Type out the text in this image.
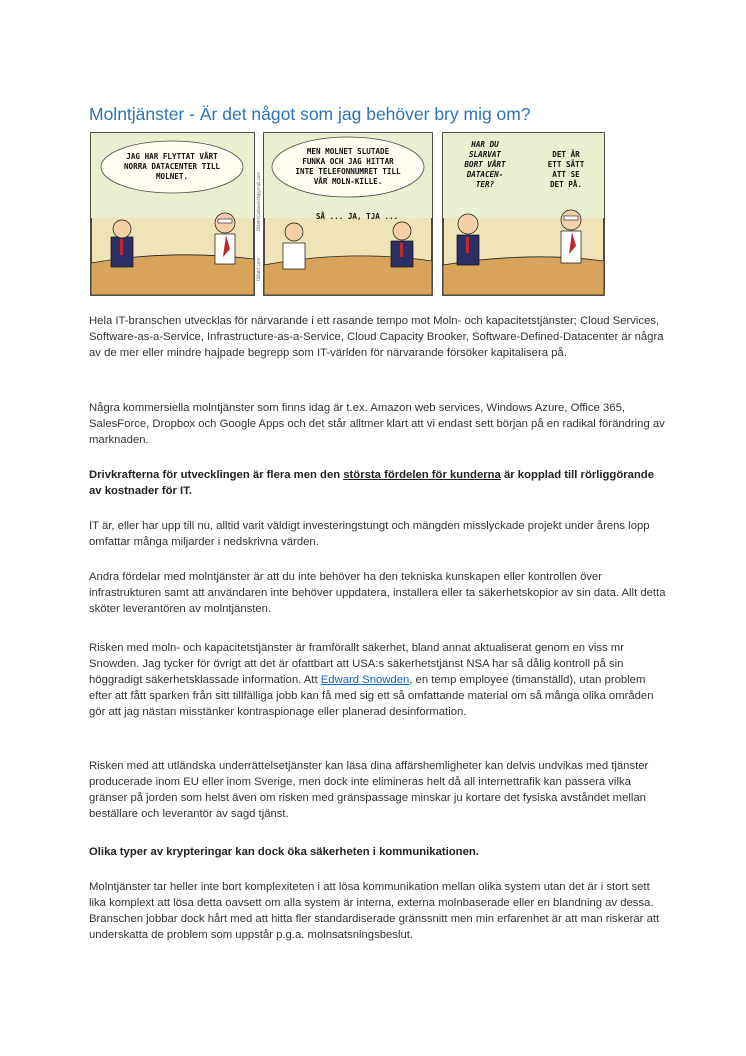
Molntjänster - Är det något som jag behöver bry mig om?
JAG HAR FLYTTAT VÅRT
NORRA DATACENTER TILL
MOLNET.
MEN MOLNET SLUTADE
FUNKA OCH JAG HITTAR
INTE TELEFONNUMRET TILL
VÅR MOLN-KILLE.
SÅ ... JA, TJA ...
HAR DU
SLARVAT
BORT VÅRT
DATACEN-
TER?
DET ÄR
ETT SÄTT
ATT SE
DET PÅ.
Dilbert.com
DilbertCartoonist@gmail.com

Hela IT-branschen utvecklas för närvarande i ett rasande tempo mot Moln- och kapacitetstjänster; Cloud Services, Software-as-a-Service, Infrastructure-as-a-Service, Cloud Capacity Brooker, Software-Defined-Datacenter är några av de mer eller mindre hajpade begrepp som IT-världen för närvarande försöker kapitalisera på.

Några kommersiella molntjänster som finns idag är t.ex. Amazon web services, Windows Azure, Office 365, SalesForce, Dropbox och Google Apps och det står alltmer klart att vi endast sett början på en radikal förändring av marknaden.

Drivkrafterna för utvecklingen är flera men den största fördelen för kunderna är kopplad till rörliggörande av kostnader för IT.

IT är, eller har upp till nu, alltid varit väldigt investeringstungt och mängden misslyckade projekt under årens lopp omfattar många miljarder i nedskrivna värden.

Andra fördelar med molntjänster är att du inte behöver ha den tekniska kunskapen eller kontrollen över infrastrukturen samt att användaren inte behöver uppdatera, installera eller ta säkerhetskopior av sin data. Allt detta sköter leverantören av molntjänsten.

Risken med moln- och kapacitetstjänster är framförallt säkerhet, bland annat aktualiserat genom en viss mr Snowden. Jag tycker för övrigt att det är ofattbart att USA:s säkerhetstjänst NSA har så dålig kontroll på sin höggradigt säkerhetsklassade information. Att Edward Snowden, en temp employee (timanställd), utan problem efter att fått sparken från sitt tillfälliga jobb kan få med sig ett så omfattande material om så många olika områden gör att jag nästan misstänker kontraspionage eller planerad desinformation.

Risken med att utländska underrättelsetjänster kan läsa dina affärshemligheter kan delvis undvikas med tjänster producerade inom EU eller inom Sverige, men dock inte elimineras helt då all internettrafik kan passera vilka gränser på jorden som helst även om risken med gränspassage minskar ju kortare det fysiska avståndet mellan beställare och leverantör av sagd tjänst.

Olika typer av krypteringar kan dock öka säkerheten i kommunikationen.

Molntjänster tar heller inte bort komplexiteten i att lösa kommunikation mellan olika system utan det är i stort sett lika komplext att lösa detta oavsett om alla system är interna, externa molnbaserade eller en blandning av dessa. Branschen jobbar dock hårt med att hitta fler standardiserade gränssnitt men min erfarenhet är att man riskerar att underskatta de problem som uppstår p.g.a. molnsatsningsbeslut.
